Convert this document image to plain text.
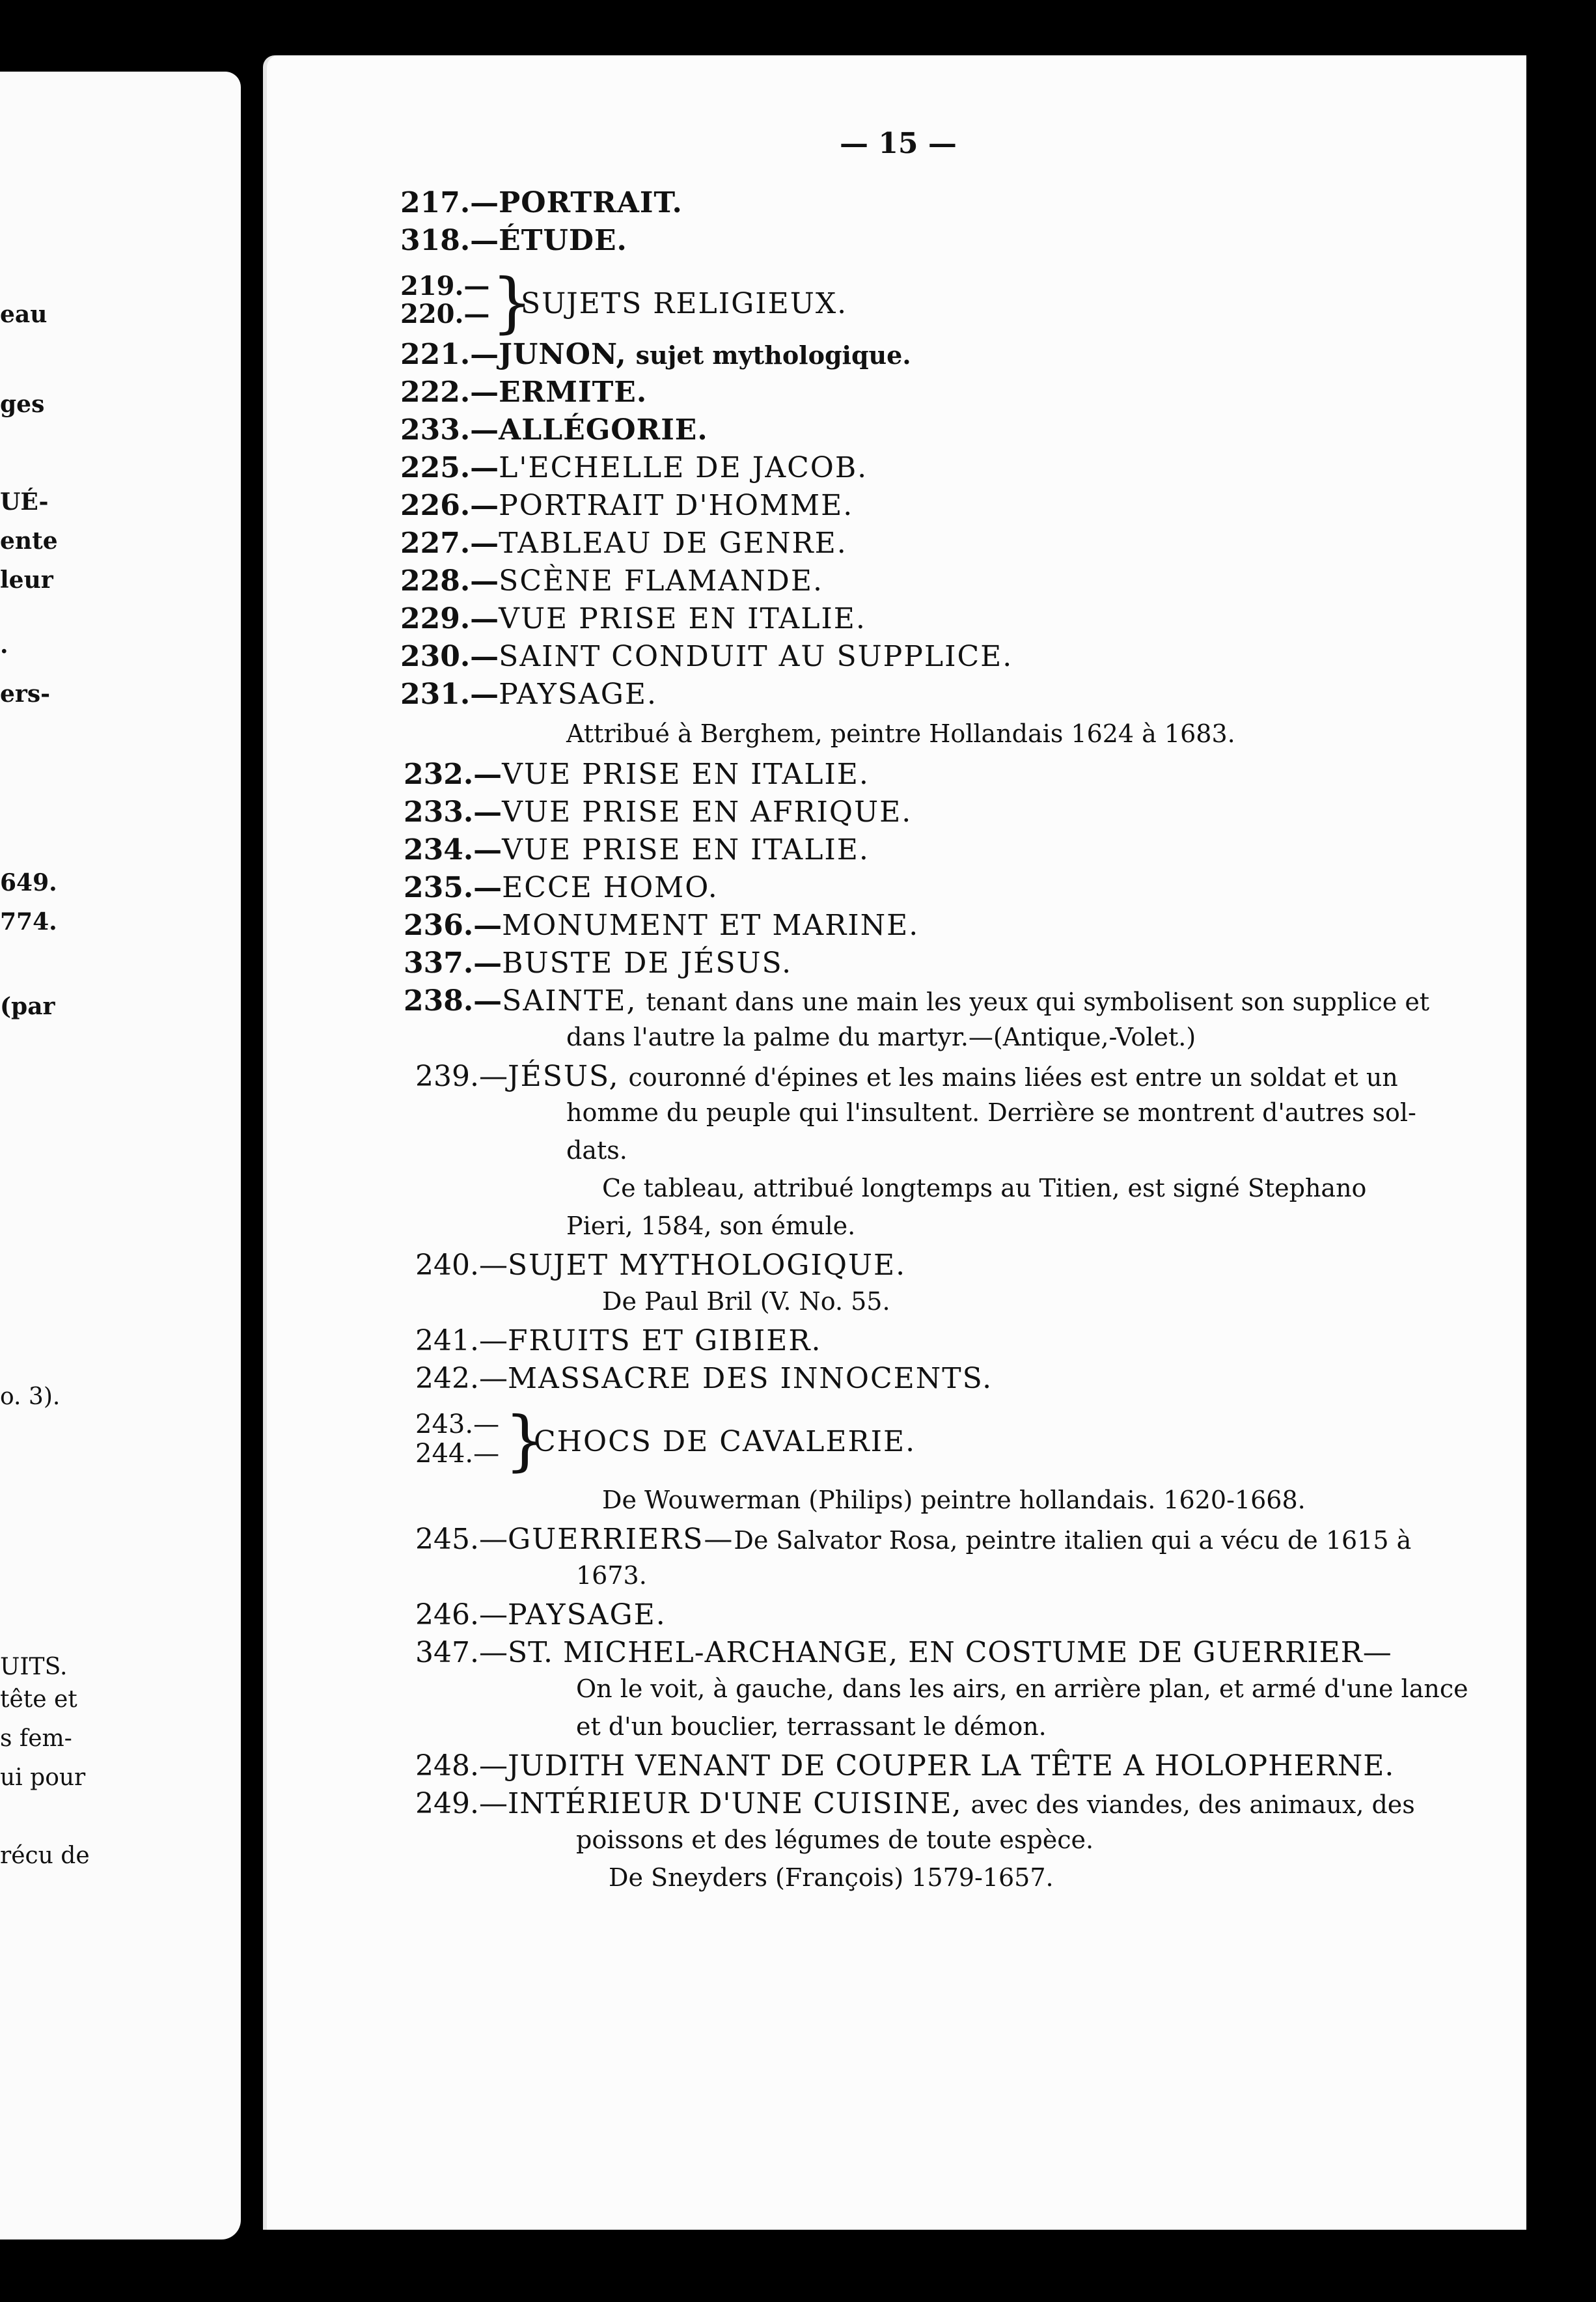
eau
ges
UÉ-
ente
leur
.
ers-
649.
774.
(par
o. 3).
UITS.
tête et
s fem-
ui pour
récu de
— 15 —
217.—PORTRAIT.
318.—ÉTUDE.
219.—
220.— }
SUJETS RELIGIEUX.
221.—JUNON, sujet mythologique.
222.—ERMITE.
233.—ALLÉGORIE.
225.—L'ECHELLE DE JACOB.
226.—PORTRAIT D'HOMME.
227.—TABLEAU DE GENRE.
228.—SCÈNE FLAMANDE.
229.—VUE PRISE EN ITALIE.
230.—SAINT CONDUIT AU SUPPLICE.
231.—PAYSAGE.
Attribué à Berghem, peintre Hollandais 1624 à 1683.
232.—VUE PRISE EN ITALIE.
233.—VUE PRISE EN AFRIQUE.
234.—VUE PRISE EN ITALIE.
235.—ECCE HOMO.
236.—MONUMENT ET MARINE.
337.—BUSTE DE JÉSUS.
238.—SAINTE, tenant dans une main les yeux qui symbolisent son supplice et
dans l'autre la palme du martyr.—(Antique,-Volet.)
239.—JÉSUS, couronné d'épines et les mains liées est entre un soldat et un
homme du peuple qui l'insultent. Derrière se montrent d'autres sol-
dats.
Ce tableau, attribué longtemps au Titien, est signé Stephano
Pieri, 1584, son émule.
240.—SUJET MYTHOLOGIQUE.
De Paul Bril (V. No. 55.
241.—FRUITS ET GIBIER.
242.—MASSACRE DES INNOCENTS.
243.—
244.— }
CHOCS DE CAVALERIE.
De Wouwerman (Philips) peintre hollandais. 1620-1668.
245.—GUERRIERS—De Salvator Rosa, peintre italien qui a vécu de 1615 à
1673.
246.—PAYSAGE.
347.—ST. MICHEL-ARCHANGE, EN COSTUME DE GUERRIER—
On le voit, à gauche, dans les airs, en arrière plan, et armé d'une lance
et d'un bouclier, terrassant le démon.
248.—JUDITH VENANT DE COUPER LA TÊTE A HOLOPHERNE.
249.—INTÉRIEUR D'UNE CUISINE, avec des viandes, des animaux, des
poissons et des légumes de toute espèce.
De Sneyders (François) 1579-1657.
